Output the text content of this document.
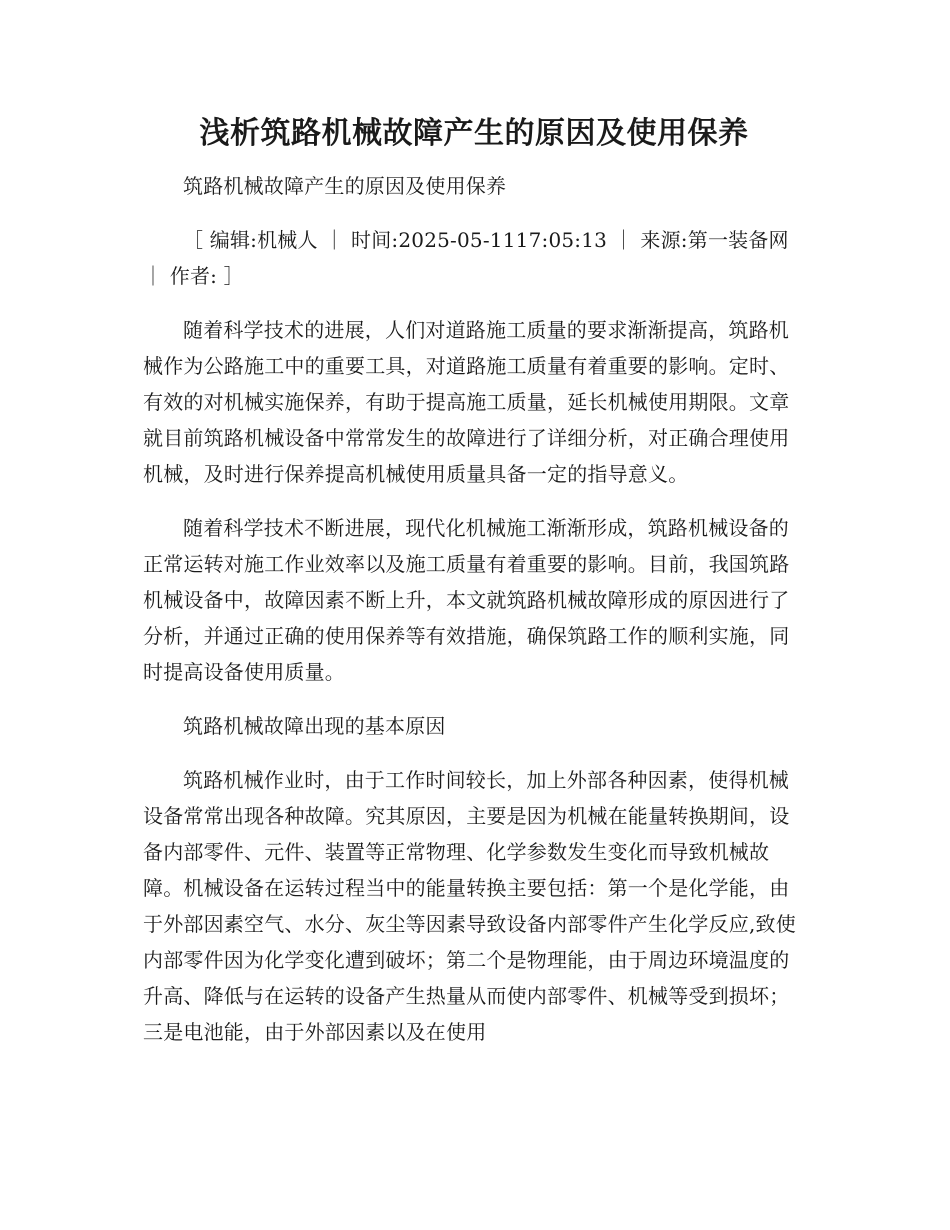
浅析筑路机械故障产生的原因及使用保养

筑路机械故障产生的原因及使用保养

［ 编辑:机械人 ｜ 时间:2025-05-1117:05:13 ｜ 来源:第一装备网 ｜ 作者: ］

随着科学技术的进展，人们对道路施工质量的要求渐渐提高，筑路机械作为公路施工中的重要工具，对道路施工质量有着重要的影响。定时、有效的对机械实施保养，有助于提高施工质量，延长机械使用期限。文章就目前筑路机械设备中常常发生的故障进行了详细分析，对正确合理使用机械，及时进行保养提高机械使用质量具备一定的指导意义。

随着科学技术不断进展，现代化机械施工渐渐形成，筑路机械设备的正常运转对施工作业效率以及施工质量有着重要的影响。目前，我国筑路机械设备中，故障因素不断上升，本文就筑路机械故障形成的原因进行了分析，并通过正确的使用保养等有效措施，确保筑路工作的顺利实施，同时提高设备使用质量。

筑路机械故障出现的基本原因

筑路机械作业时，由于工作时间较长，加上外部各种因素，使得机械设备常常出现各种故障。究其原因，主要是因为机械在能量转换期间，设备内部零件、元件、装置等正常物理、化学参数发生变化而导致机械故障。机械设备在运转过程当中的能量转换主要包括：第一个是化学能，由于外部因素空气、水分、灰尘等因素导致设备内部零件产生化学反应,致使内部零件因为化学变化遭到破坏；第二个是物理能，由于周边环境温度的升高、降低与在运转的设备产生热量从而使内部零件、机械等受到损坏；三是电池能，由于外部因素以及在使用
